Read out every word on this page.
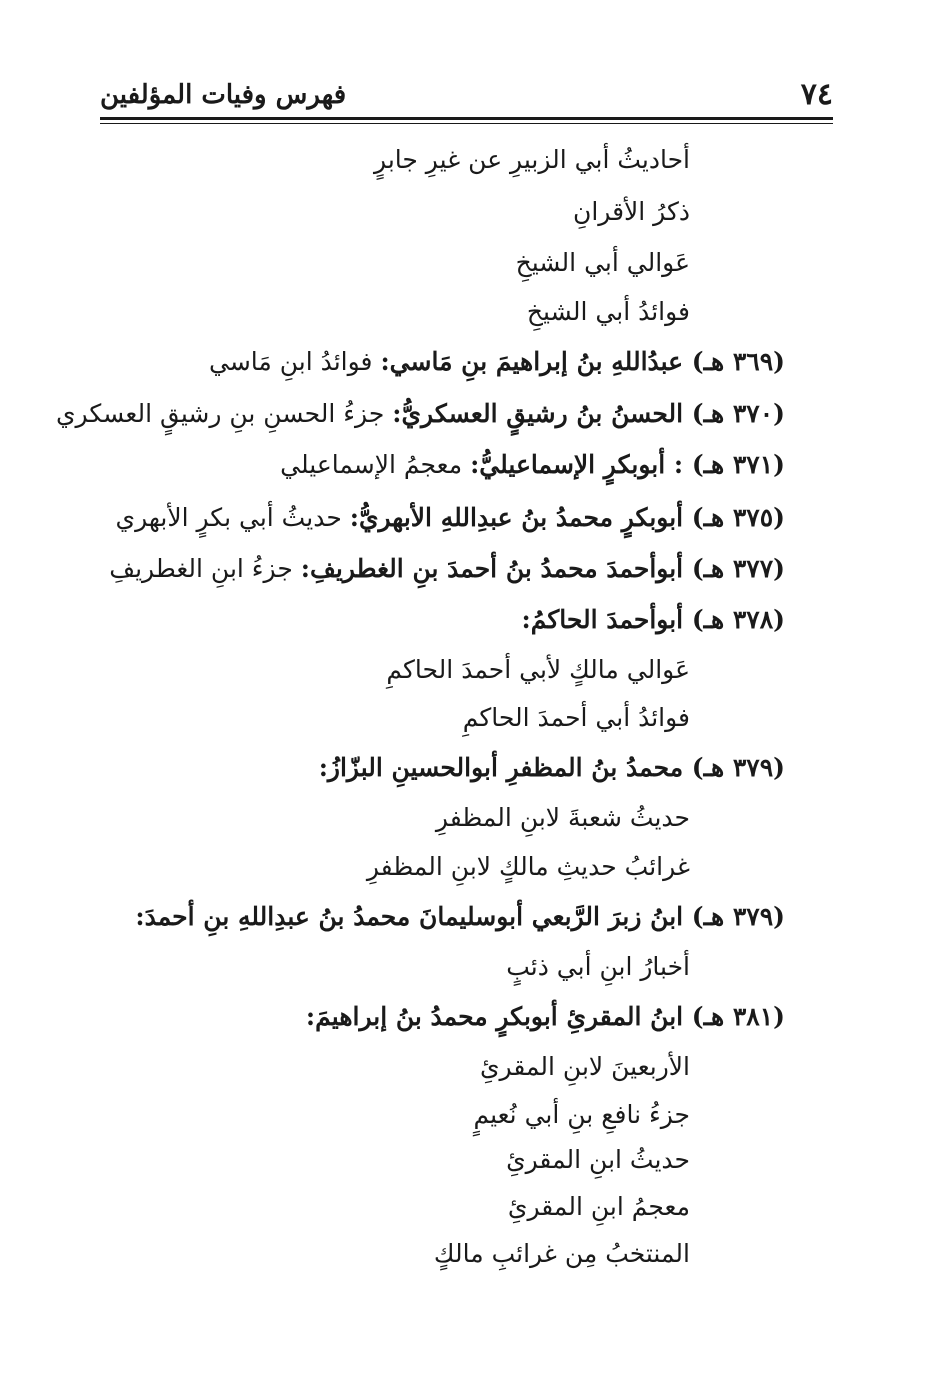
٧٤
فهرس وفيات المؤلفين
أحاديثُ أبي الزبيرِ عن غيرِ جابرٍ
ذكرُ الأقرانِ
عَوالي أبي الشيخِ
فوائدُ أبي الشيخِ
(٣٦٩ هـ) عبدُاللهِ بنُ إبراهيمَ بنِ مَاسي: فوائدُ ابنِ مَاسي
(٣٧٠ هـ) الحسنُ بنُ رشيقٍ العسكريُّ: جزءُ الحسنِ بنِ رشيقٍ العسكري
(٣٧١ هـ) : أبوبكرٍ الإسماعيليُّ: معجمُ الإسماعيلي
(٣٧٥ هـ) أبوبكرٍ محمدُ بنُ عبدِاللهِ الأبهريُّ: حديثُ أبي بكرٍ الأبهري
(٣٧٧ هـ) أبوأحمدَ محمدُ بنُ أحمدَ بنِ الغطريفِ: جزءُ ابنِ الغطريفِ
(٣٧٨ هـ) أبوأحمدَ الحاكمُ:
عَوالي مالكٍ لأبي أحمدَ الحاكمِ
فوائدُ أبي أحمدَ الحاكمِ
(٣٧٩ هـ) محمدُ بنُ المظفرِ أبوالحسينِ البزّازُ:
حديثُ شعبةَ لابنِ المظفرِ
غرائبُ حديثِ مالكٍ لابنِ المظفرِ
(٣٧٩ هـ) ابنُ زبرَ الرَّبعي أبوسليمانَ محمدُ بنُ عبدِاللهِ بنِ أحمدَ:
أخبارُ ابنِ أبي ذئبٍ
(٣٨١ هـ) ابنُ المقرئِ أبوبكرٍ محمدُ بنُ إبراهيمَ:
الأربعينَ لابنِ المقرئِ
جزءُ نافعِ بنِ أبي نُعيمٍ
حديثُ ابنِ المقرئِ
معجمُ ابنِ المقرئِ
المنتخبُ مِن غرائبِ مالكٍ
